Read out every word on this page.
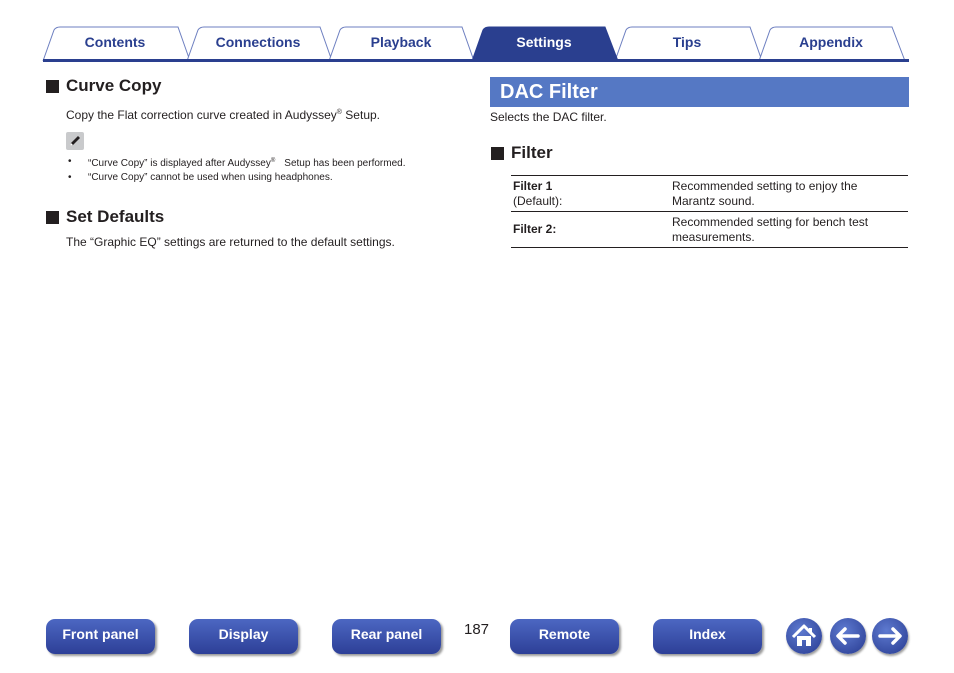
Contents	Connections	Playback	Settings	Tips	Appendix
Curve Copy
Copy the Flat correction curve created in Audyssey® Setup.
• “Curve Copy” is displayed after Audyssey®Setup has been performed.
• “Curve Copy” cannot be used when using headphones.
Set Defaults
The “Graphic EQ” settings are returned to the default settings.
DAC Filter
Selects the DAC filter.
Filter
Filter 1
(Default):	Recommended setting to enjoy the
Marantz sound.
Filter 2:	Recommended setting for bench test
measurements.
Front panel	Display	Rear panel	187	Remote	Index
